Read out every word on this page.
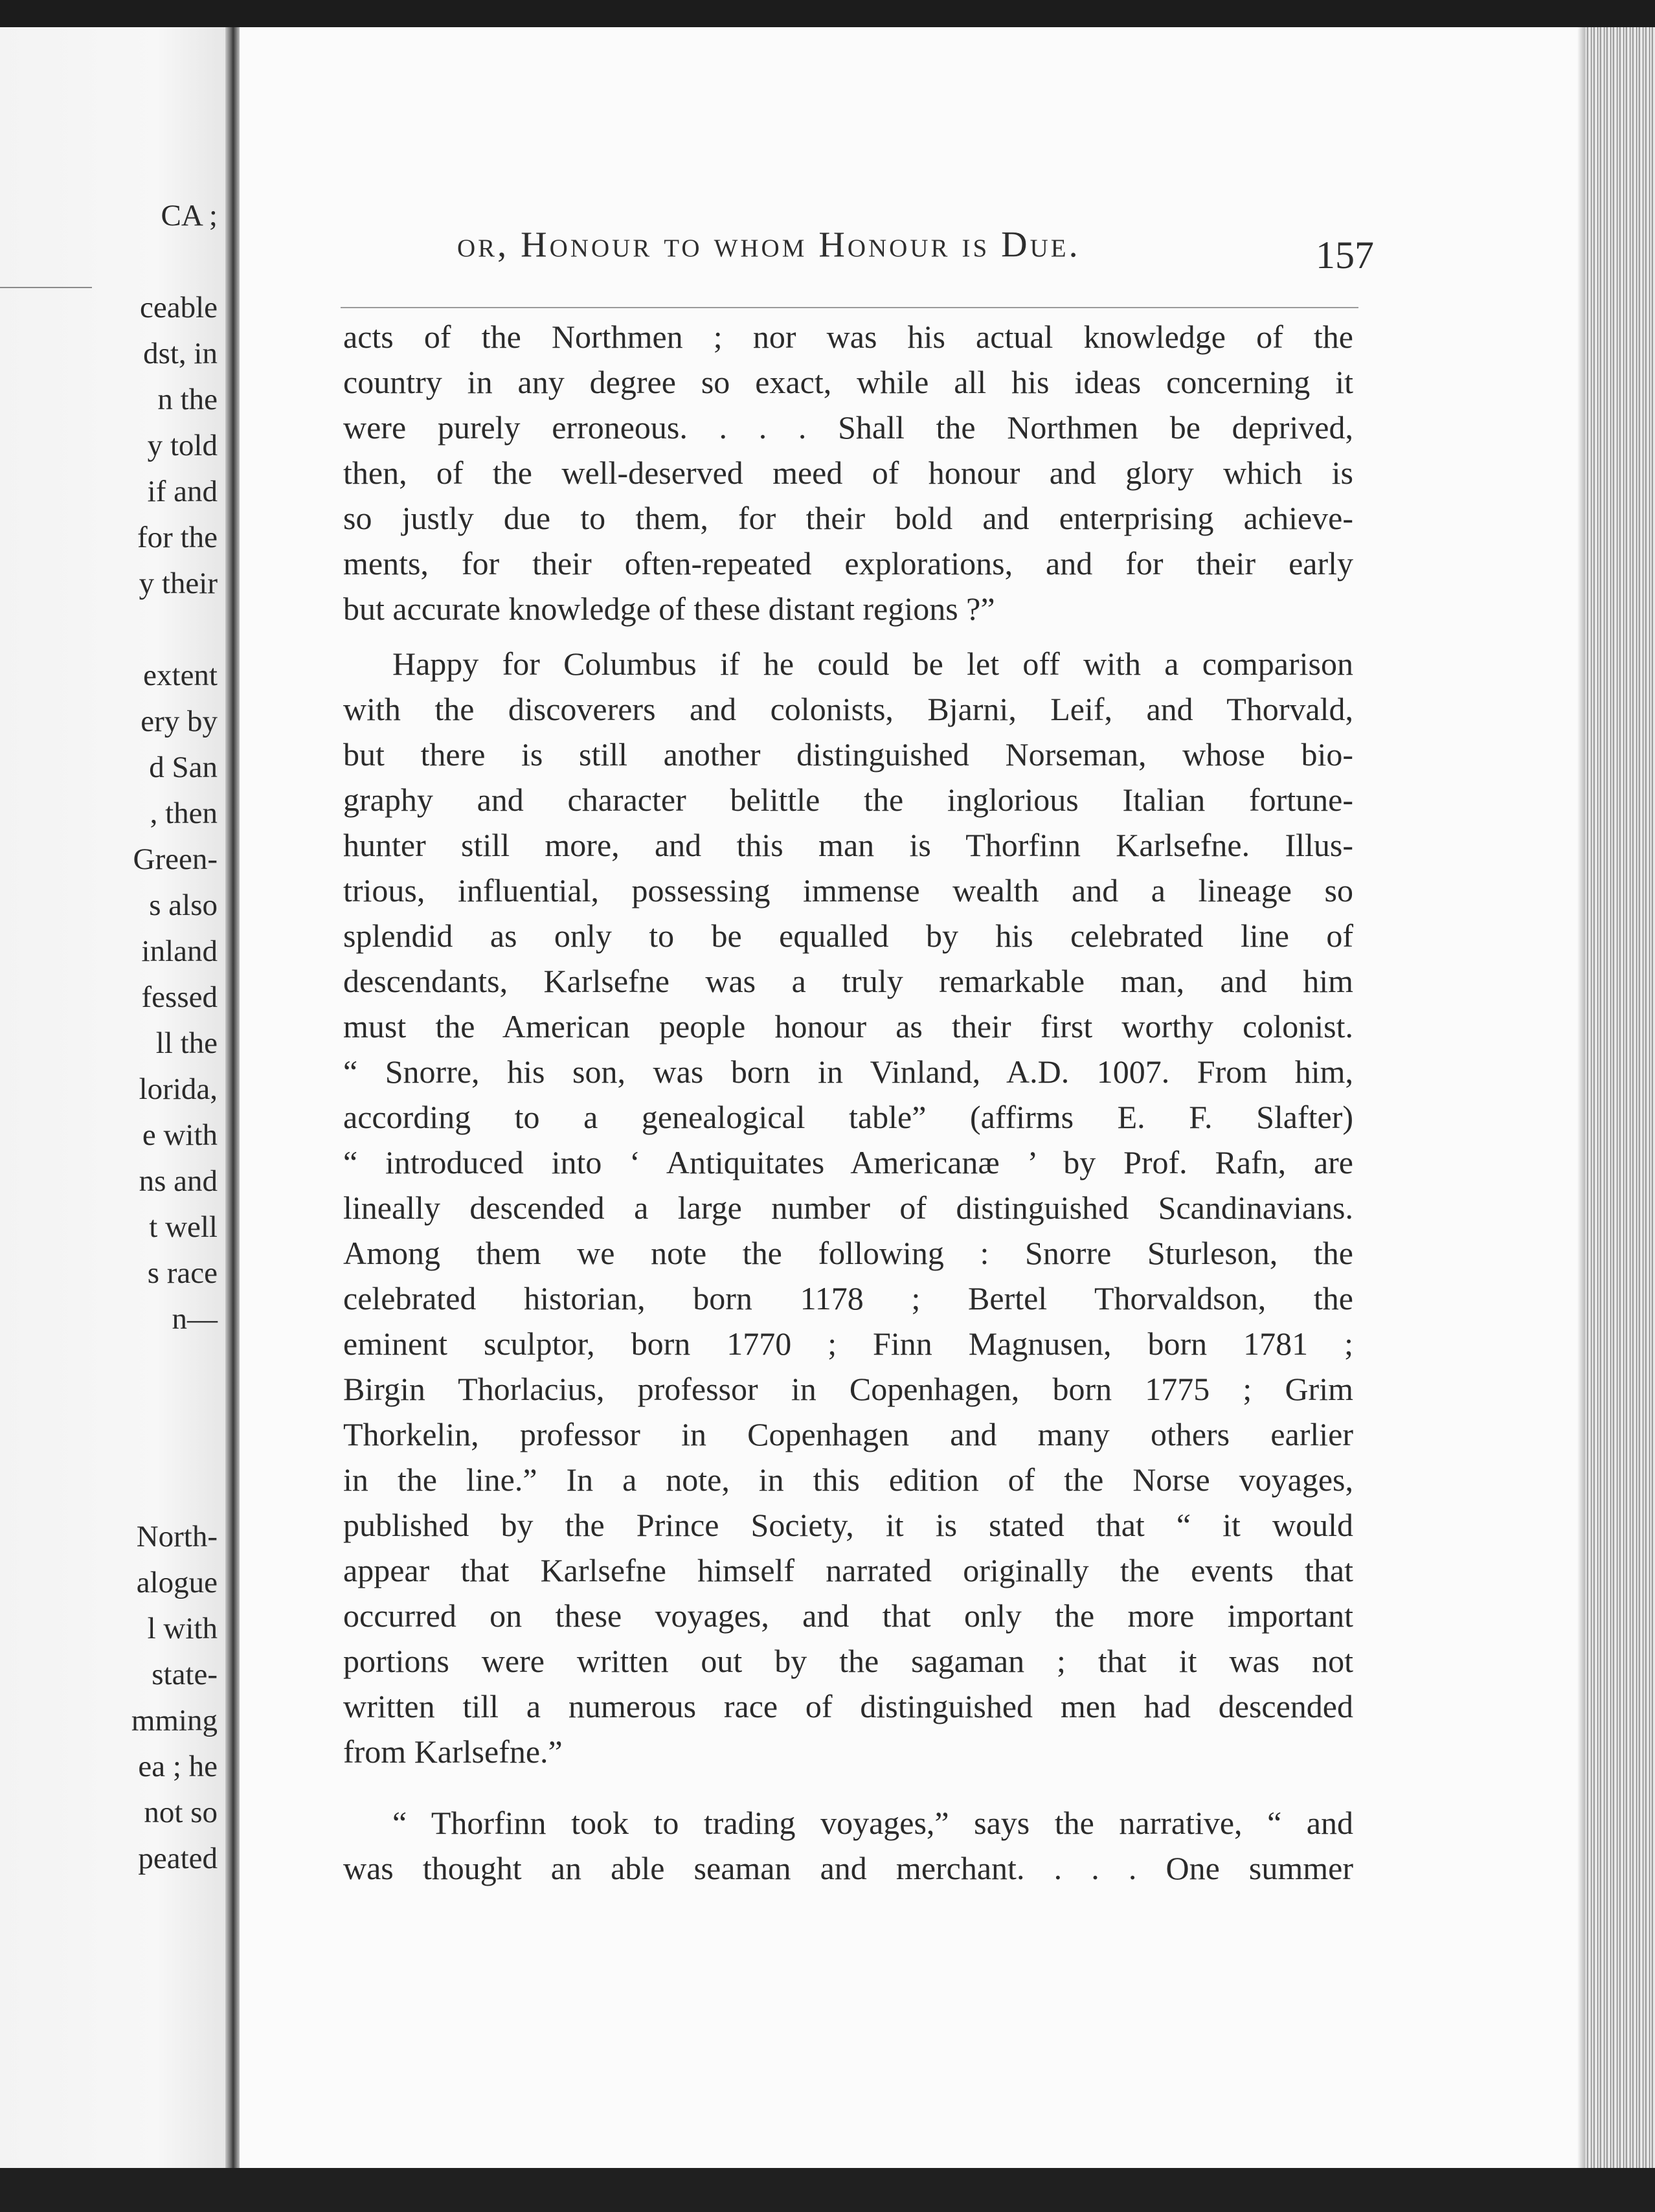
CA ;
ceable
dst, in
n the
y told
if and
for the
y their
extent
ery by
d San
, then
Green-
s also
inland
fessed
ll the
lorida,
e with
ns and
t well
s race
n—
North-
alogue
l with
state-
mming
ea ; he
not so
peated
or, Honour to whom Honour is Due.	157
acts of the Northmen ; nor was his actual knowledge of the
country in any degree so exact, while all his ideas concerning it
were purely erroneous. . . . Shall the Northmen be deprived,
then, of the well-deserved meed of honour and glory which is
so justly due to them, for their bold and enterprising achieve-
ments, for their often-repeated explorations, and for their early
but accurate knowledge of these distant regions ?”
Happy for Columbus if he could be let off with a comparison
with the discoverers and colonists, Bjarni, Leif, and Thorvald,
but there is still another distinguished Norseman, whose bio-
graphy and character belittle the inglorious Italian fortune-
hunter still more, and this man is Thorfinn Karlsefne. Illus-
trious, influential, possessing immense wealth and a lineage so
splendid as only to be equalled by his celebrated line of
descendants, Karlsefne was a truly remarkable man, and him
must the American people honour as their first worthy colonist.
“ Snorre, his son, was born in Vinland, A.D. 1007. From him,
according to a genealogical table” (affirms E. F. Slafter)
“ introduced into ‘ Antiquitates Americanæ ’ by Prof. Rafn, are
lineally descended a large number of distinguished Scandinavians.
Among them we note the following : Snorre Sturleson, the
celebrated historian, born 1178 ; Bertel Thorvaldson, the
eminent sculptor, born 1770 ; Finn Magnusen, born 1781 ;
Birgin Thorlacius, professor in Copenhagen, born 1775 ; Grim
Thorkelin, professor in Copenhagen and many others earlier
in the line.” In a note, in this edition of the Norse voyages,
published by the Prince Society, it is stated that “ it would
appear that Karlsefne himself narrated originally the events that
occurred on these voyages, and that only the more important
portions were written out by the sagaman ; that it was not
written till a numerous race of distinguished men had descended
from Karlsefne.”
“ Thorfinn took to trading voyages,” says the narrative, “ and
was thought an able seaman and merchant. . . . One summer
